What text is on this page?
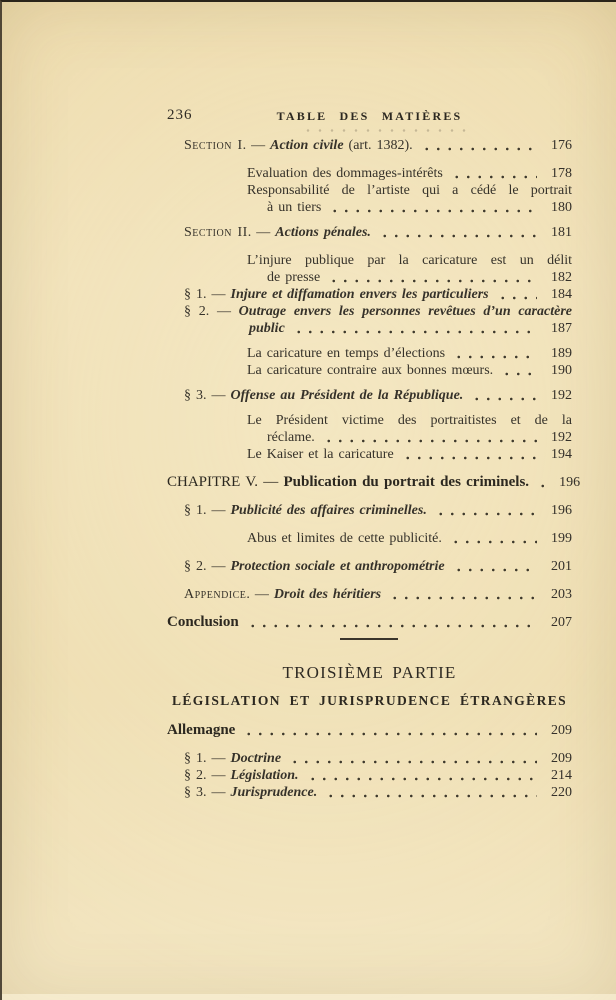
236	TABLE DES MATIÈRES
Section I. — Action civile (art. 1382).	176
Evaluation des dommages-intérêts	178
Responsabilité de l’artiste qui a cédé le portrait
à un tiers	180
Section II. — Actions pénales.	181
L’injure publique par la caricature est un délit
de presse	182
§ 1. — Injure et diffamation envers les particuliers	184
§ 2. — Outrage envers les personnes revêtues d’un caractère
public	187
La caricature en temps d’élections	189
La caricature contraire aux bonnes mœurs.	190
§ 3. — Offense au Président de la République.	192
Le Président victime des portraitistes et de la
réclame.	192
Le Kaiser et la caricature	194
CHAPITRE V. — Publication du portrait des criminels.	196
§ 1. — Publicité des affaires criminelles.	196
Abus et limites de cette publicité.	199
§ 2. — Protection sociale et anthropométrie	201
Appendice. — Droit des héritiers	203
Conclusion	207
TROISIÈME PARTIE
LÉGISLATION ET JURISPRUDENCE ÉTRANGÈRES
Allemagne	209
§ 1. — Doctrine	209
§ 2. — Législation.	214
§ 3. — Jurisprudence.	220
